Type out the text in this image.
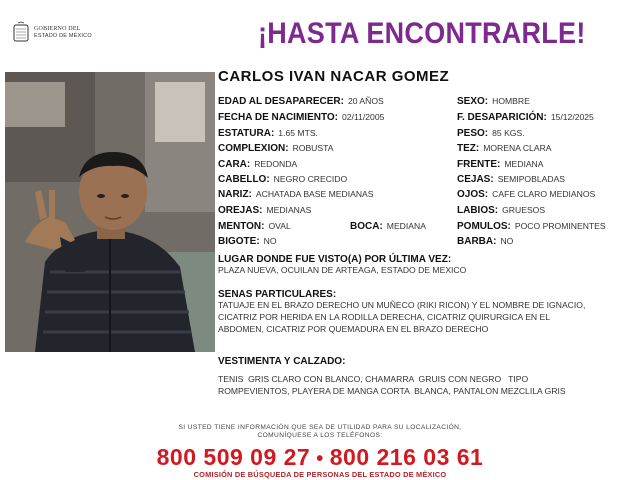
GOBIERNO DEL
ESTADO DE MÉXICO	¡HASTA ENCONTRARLE!
CARLOS IVAN NACAR GOMEZ
EDAD AL DESAPARECER: 20 AÑOS
FECHA DE NACIMIENTO: 02/11/2005
ESTATURA: 1.65 MTS.
COMPLEXION: ROBUSTA
CARA: REDONDA
CABELLO: NEGRO CRECIDO
NARIZ: ACHATADA BASE MEDIANAS
OREJAS: MEDIANAS
MENTON: OVAL	BOCA: MEDIANA
BIGOTE: NO
SEXO: HOMBRE
F. DESAPARICIÓN: 15/12/2025
PESO: 85 KGS.
TEZ: MORENA CLARA
FRENTE: MEDIANA
CEJAS: SEMIPOBLADAS
OJOS: CAFE CLARO MEDIANOS
LABIOS: GRUESOS
POMULOS: POCO PROMINENTES
BARBA: NO
LUGAR DONDE FUE VISTO(A) POR ÚLTIMA VEZ:
PLAZA NUEVA, OCUILAN DE ARTEAGA, ESTADO DE MEXICO
SENAS PARTICULARES:
TATUAJE EN EL BRAZO DERECHO UN MUÑECO (RIKI RICON) Y EL NOMBRE DE IGNACIO,
CICATRIZ POR HERIDA EN LA RODILLA DERECHA, CICATRIZ QUIRURGICA EN EL
ABDOMEN, CICATRIZ POR QUEMADURA EN EL BRAZO DERECHO
VESTIMENTA Y CALZADO:
TENIS  GRIS CLARO CON BLANCO, CHAMARRA  GRUIS CON NEGRO   TIPO
ROMPEVIENTOS, PLAYERA DE MANGA CORTA  BLANCA, PANTALON MEZCLILA GRIS
SI USTED TIENE INFORMACIÓN QUE SEA DE UTILIDAD PARA SU LOCALIZACIÓN,
COMUNÍQUESE A LOS TELÉFONOS:
800 509 09 27 • 800 216 03 61
COMISIÓN DE BÚSQUEDA DE PERSONAS DEL ESTADO DE MÉXICO
